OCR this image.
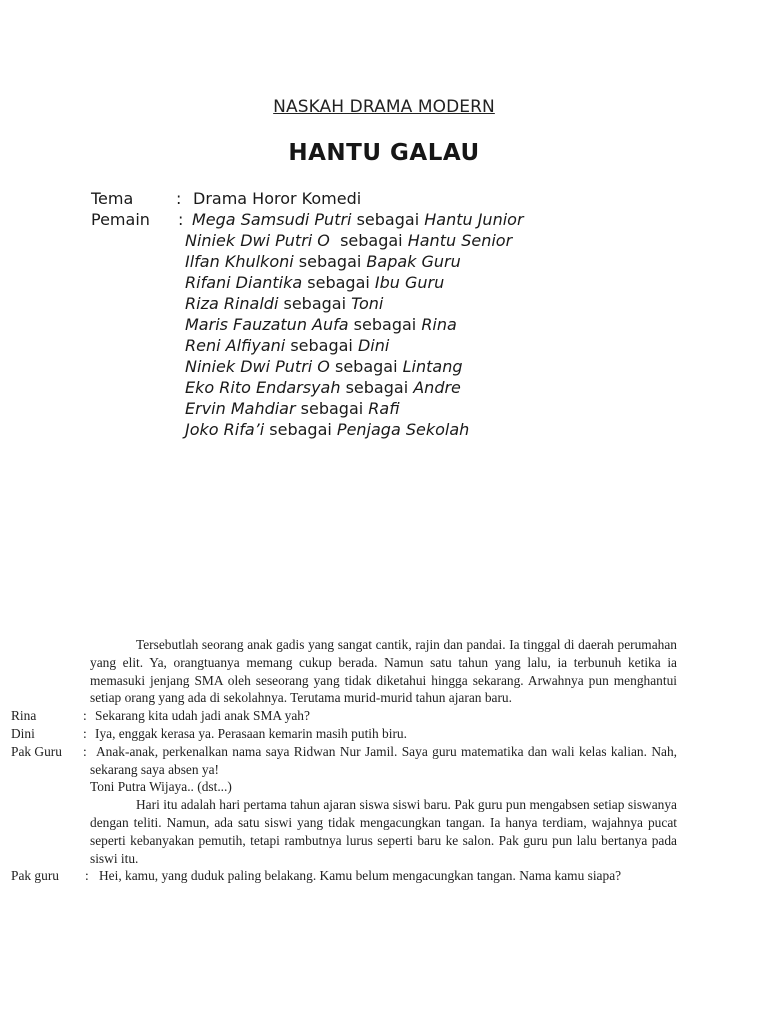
NASKAH DRAMA MODERN
HANTU GALAU
Tema	: Drama Horor Komedi
Pemain : Mega Samsudi Putri sebagai Hantu Junior
Niniek Dwi Putri O  sebagai Hantu Senior
Ilfan Khulkoni sebagai Bapak Guru
Rifani Diantika sebagai Ibu Guru
Riza Rinaldi sebagai Toni
Maris Fauzatun Aufa sebagai Rina
Reni Alfiyani sebagai Dini
Niniek Dwi Putri O sebagai Lintang
Eko Rito Endarsyah sebagai Andre
Ervin Mahdiar sebagai Rafi
Joko Rifa’i sebagai Penjaga Sekolah
Tersebutlah seorang anak gadis yang sangat cantik, rajin dan pandai. Ia tinggal di daerah perumahan yang elit. Ya, orangtuanya memang cukup berada. Namun satu tahun yang lalu, ia terbunuh ketika ia memasuki jenjang SMA oleh seseorang yang tidak diketahui hingga sekarang. Arwahnya pun menghantui setiap orang yang ada di sekolahnya. Terutama murid-murid tahun ajaran baru.
Rina	: Sekarang kita udah jadi anak SMA yah?
Dini	: Iya, enggak kerasa ya. Perasaan kemarin masih putih biru.
Pak Guru : Anak-anak, perkenalkan nama saya Ridwan Nur Jamil. Saya guru matematika dan wali kelas kalian. Nah, sekarang saya absen ya!
Toni Putra Wijaya.. (dst...)
Hari itu adalah hari pertama tahun ajaran siswa siswi baru. Pak guru pun mengabsen setiap siswanya dengan teliti. Namun, ada satu siswi yang tidak mengacungkan tangan. Ia hanya terdiam, wajahnya pucat seperti kebanyakan pemutih, tetapi rambutnya lurus seperti baru ke salon. Pak guru pun lalu bertanya pada siswi itu.
Pak guru : Hei, kamu, yang duduk paling belakang. Kamu belum mengacungkan tangan. Nama kamu siapa?
